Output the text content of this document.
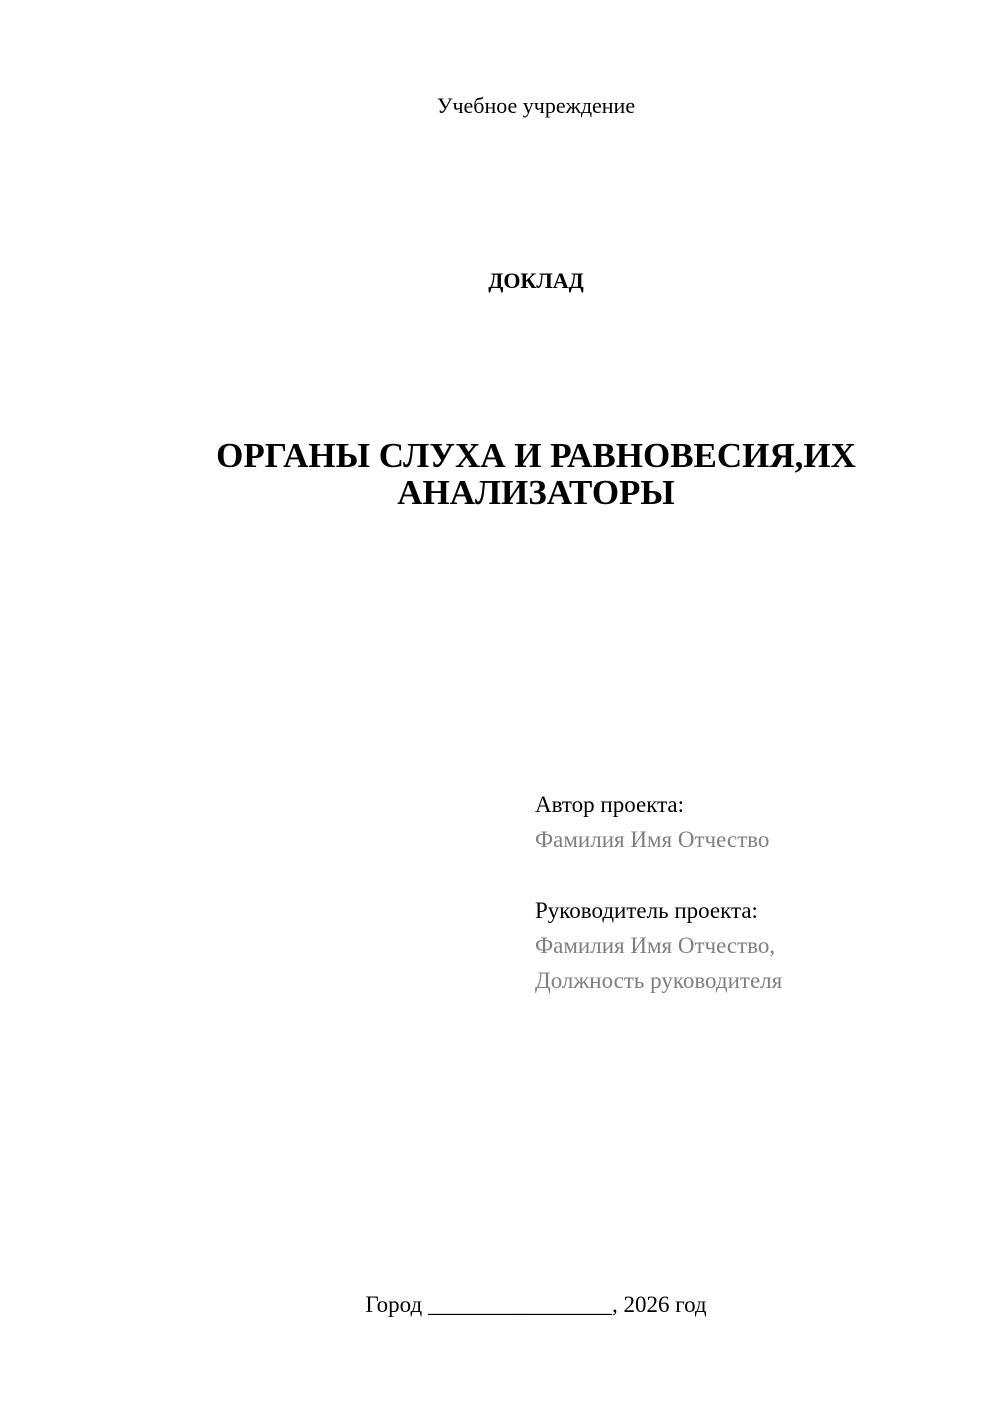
Учебное учреждение
ДОКЛАД
ОРГАНЫ СЛУХА И РАВНОВЕСИЯ,ИХ
АНАЛИЗАТОРЫ
Автор проекта:
Фамилия Имя Отчество
Руководитель проекта:
Фамилия Имя Отчество,
Должность руководителя
Город ________________, 2026 год
